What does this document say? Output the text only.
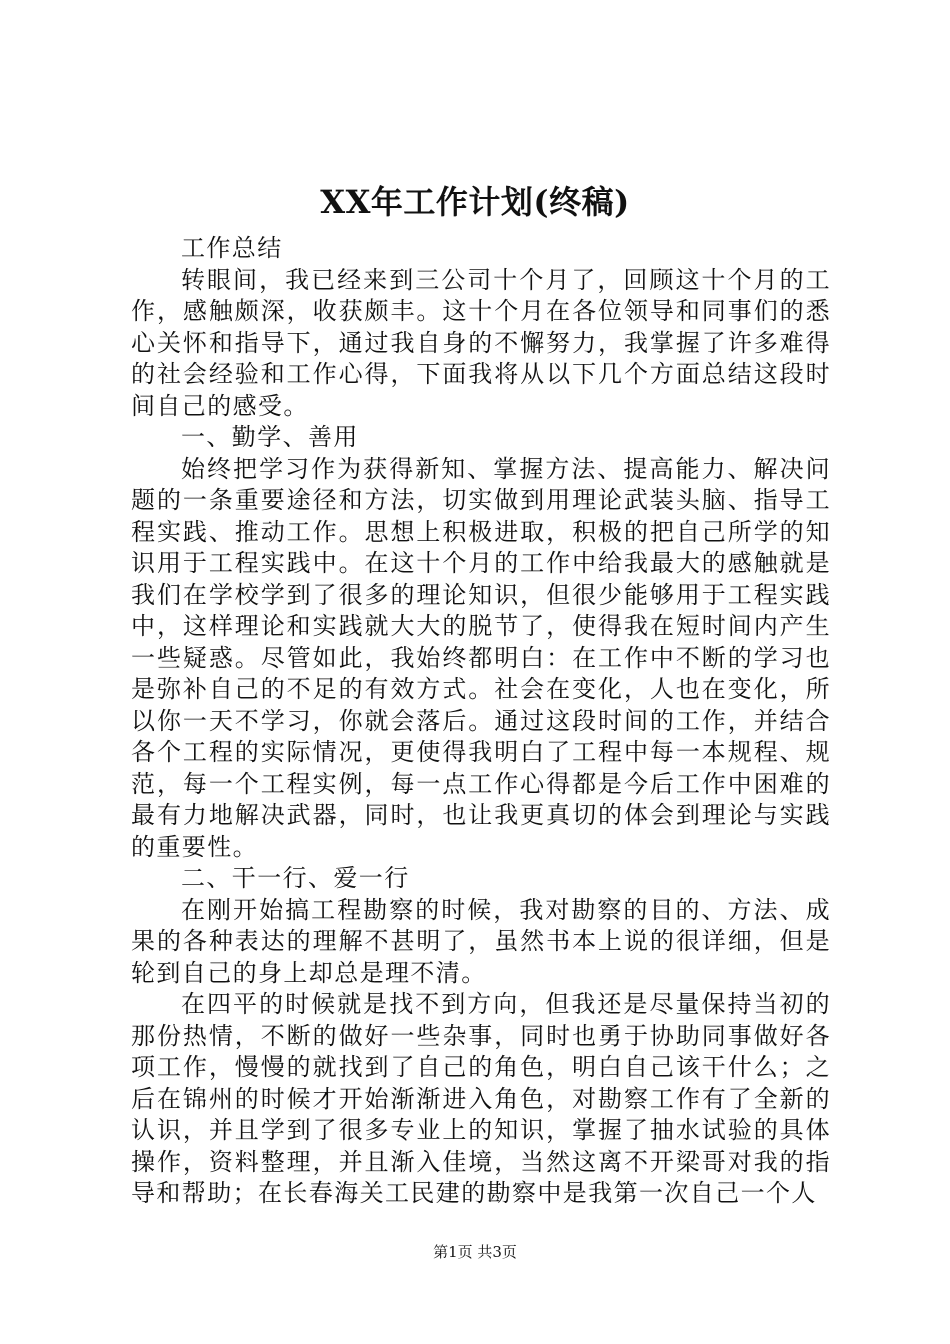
XX年工作计划(终稿)

工作总结

转眼间，我已经来到三公司十个月了，回顾这十个月的工作，感触颇深，收获颇丰。这十个月在各位领导和同事们的悉心关怀和指导下，通过我自身的不懈努力，我掌握了许多难得的社会经验和工作心得，下面我将从以下几个方面总结这段时间自己的感受。

一、勤学、善用

始终把学习作为获得新知、掌握方法、提高能力、解决问题的一条重要途径和方法，切实做到用理论武装头脑、指导工程实践、推动工作。思想上积极进取，积极的把自己所学的知识用于工程实践中。在这十个月的工作中给我最大的感触就是我们在学校学到了很多的理论知识，但很少能够用于工程实践中，这样理论和实践就大大的脱节了，使得我在短时间内产生一些疑惑。尽管如此，我始终都明白：在工作中不断的学习也是弥补自己的不足的有效方式。社会在变化，人也在变化，所以你一天不学习，你就会落后。通过这段时间的工作，并结合各个工程的实际情况，更使得我明白了工程中每一本规程、规范，每一个工程实例，每一点工作心得都是今后工作中困难的最有力地解决武器，同时，也让我更真切的体会到理论与实践的重要性。

二、干一行、爱一行

在刚开始搞工程勘察的时候，我对勘察的目的、方法、成果的各种表达的理解不甚明了，虽然书本上说的很详细，但是轮到自己的身上却总是理不清。

在四平的时候就是找不到方向，但我还是尽量保持当初的那份热情，不断的做好一些杂事，同时也勇于协助同事做好各项工作，慢慢的就找到了自己的角色，明白自己该干什么；之后在锦州的时候才开始渐渐进入角色，对勘察工作有了全新的认识，并且学到了很多专业上的知识，掌握了抽水试验的具体操作，资料整理，并且渐入佳境，当然这离不开梁哥对我的指导和帮助；在长春海关工民建的勘察中是我第一次自己一个人

第1页 共3页
